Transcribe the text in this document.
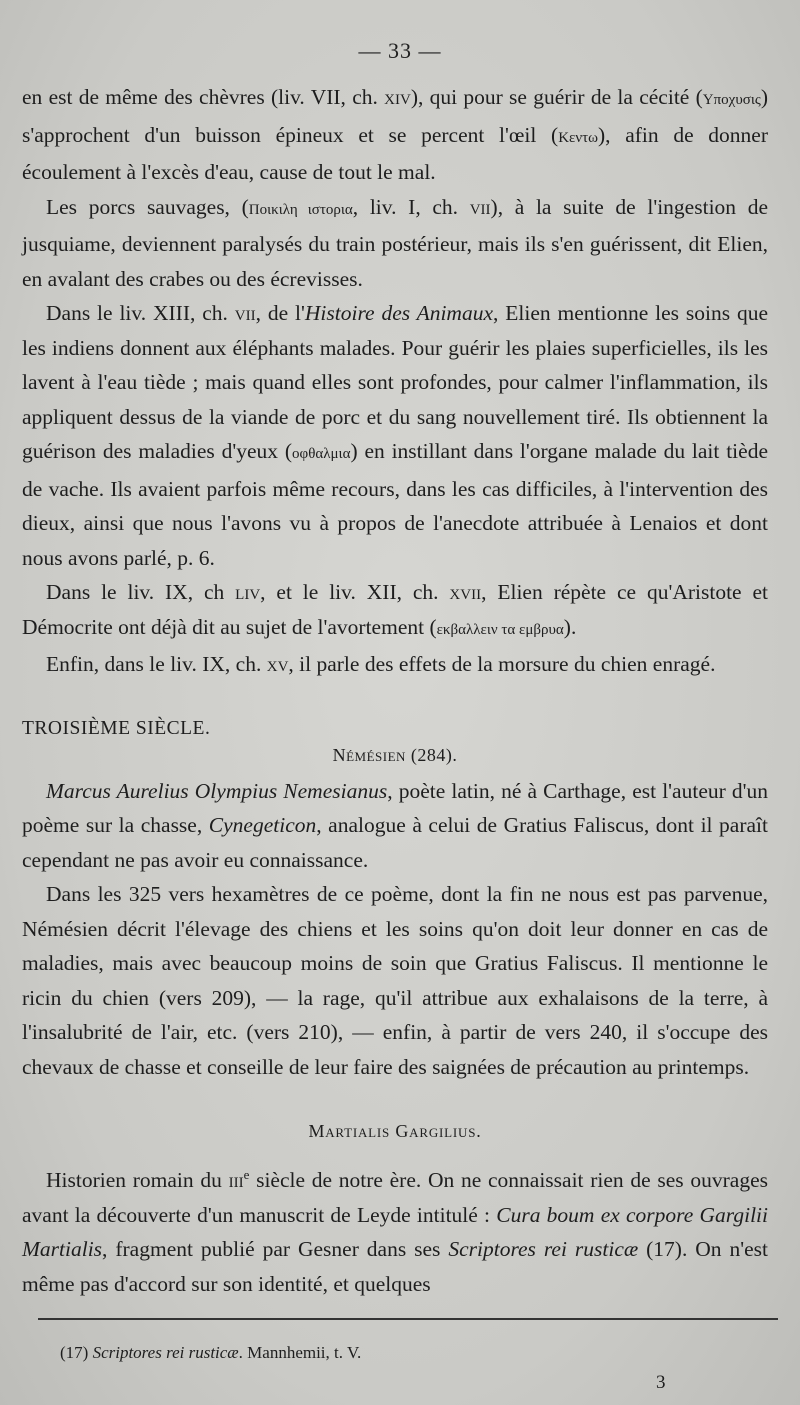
— 33 —

en est de même des chèvres (liv. VII, ch. xiv), qui pour se guérir de la cécité (Υποχυσις) s'approchent d'un buisson épineux et se percent l'œil (Κεντω), afin de donner écoulement à l'excès d'eau, cause de tout le mal.

Les porcs sauvages, (Ποικιλη ιστορια, liv. I, ch. vii), à la suite de l'ingestion de jusquiame, deviennent paralysés du train postérieur, mais ils s'en guérissent, dit Elien, en avalant des crabes ou des écrevisses.

Dans le liv. XIII, ch. vii, de l'Histoire des Animaux, Elien mentionne les soins que les indiens donnent aux éléphants malades. Pour guérir les plaies superficielles, ils les lavent à l'eau tiède ; mais quand elles sont profondes, pour calmer l'inflammation, ils appliquent dessus de la viande de porc et du sang nouvellement tiré. Ils obtiennent la guérison des maladies d'yeux (οφθαλμια) en instillant dans l'organe malade du lait tiède de vache. Ils avaient parfois même recours, dans les cas difficiles, à l'intervention des dieux, ainsi que nous l'avons vu à propos de l'anecdote attribuée à Lenaios et dont nous avons parlé, p. 6.

Dans le liv. IX, ch liv, et le liv. XII, ch. xvii, Elien répète ce qu'Aristote et Démocrite ont déjà dit au sujet de l'avortement (εκβαλλειν τα εμβρυα).

Enfin, dans le liv. IX, ch. xv, il parle des effets de la morsure du chien enragé.

TROISIÈME SIÈCLE.
Némésien (284).

Marcus Aurelius Olympius Nemesianus, poète latin, né à Carthage, est l'auteur d'un poème sur la chasse, Cynegeticon, analogue à celui de Gratius Faliscus, dont il paraît cependant ne pas avoir eu connaissance.

Dans les 325 vers hexamètres de ce poème, dont la fin ne nous est pas parvenue, Némésien décrit l'élevage des chiens et les soins qu'on doit leur donner en cas de maladies, mais avec beaucoup moins de soin que Gratius Faliscus. Il mentionne le ricin du chien (vers 209), — la rage, qu'il attribue aux exhalaisons de la terre, à l'insalubrité de l'air, etc. (vers 210), — enfin, à partir de vers 240, il s'occupe des chevaux de chasse et conseille de leur faire des saignées de précaution au printemps.

Martialis Gargilius.

Historien romain du iii$^e$ siècle de notre ère. On ne connaissait rien de ses ouvrages avant la découverte d'un manuscrit de Leyde intitulé : Cura boum ex corpore Gargilii Martialis, fragment publié par Gesner dans ses Scriptores rei rusticæ (17). On n'est même pas d'accord sur son identité, et quelques

(17) Scriptores rei rusticæ. Mannhemii, t. V.
3
